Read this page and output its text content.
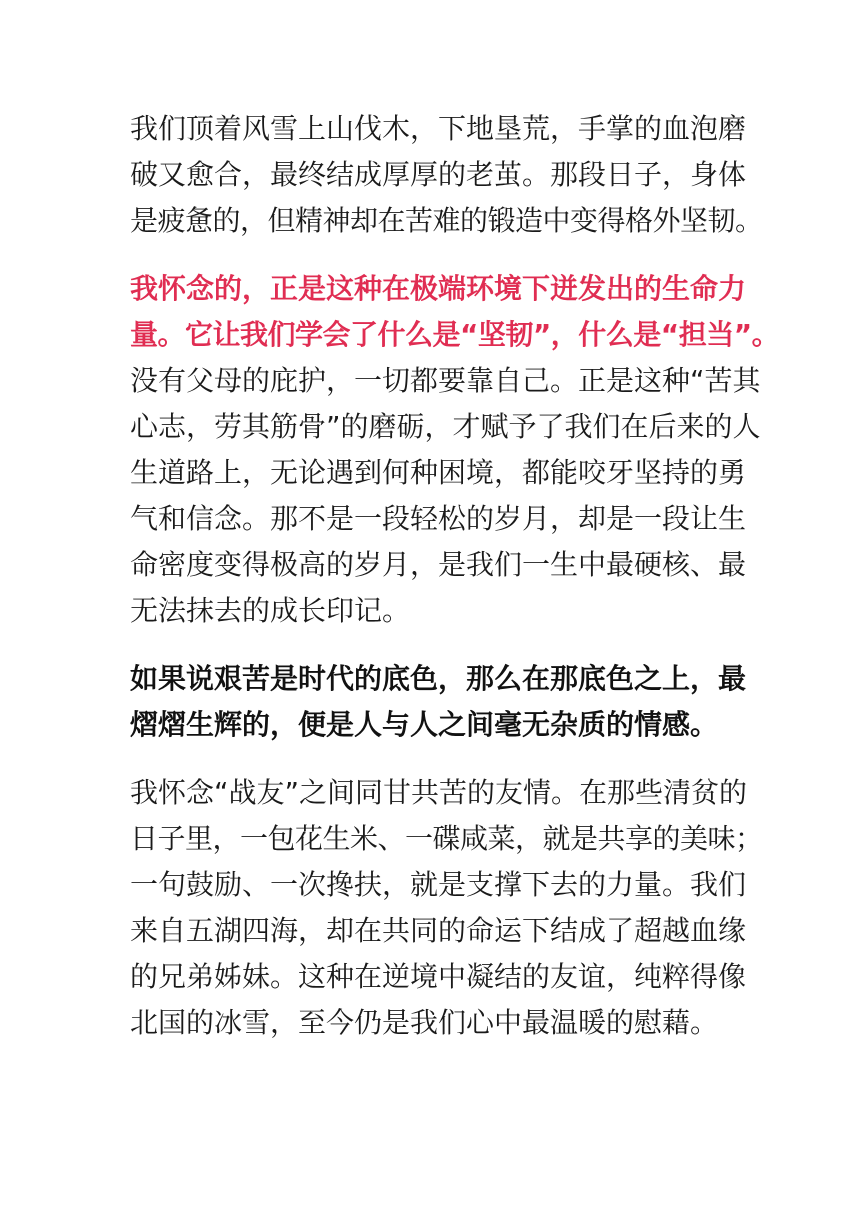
我们顶着风雪上山伐木，下地垦荒，手掌的血泡磨
破又愈合，最终结成厚厚的老茧。那段日子，身体
是疲惫的，但精神却在苦难的锻造中变得格外坚韧。

我怀念的，正是这种在极端环境下迸发出的生命力
量。它让我们学会了什么是“坚韧”，什么是“担当”。
没有父母的庇护，一切都要靠自己。正是这种“苦其
心志，劳其筋骨”的磨砺，才赋予了我们在后来的人
生道路上，无论遇到何种困境，都能咬牙坚持的勇
气和信念。那不是一段轻松的岁月，却是一段让生
命密度变得极高的岁月，是我们一生中最硬核、最
无法抹去的成长印记。

如果说艰苦是时代的底色，那么在那底色之上，最
熠熠生辉的，便是人与人之间毫无杂质的情感。

我怀念“战友”之间同甘共苦的友情。在那些清贫的
日子里，一包花生米、一碟咸菜，就是共享的美味；
一句鼓励、一次搀扶，就是支撑下去的力量。我们
来自五湖四海，却在共同的命运下结成了超越血缘
的兄弟姊妹。这种在逆境中凝结的友谊，纯粹得像
北国的冰雪，至今仍是我们心中最温暖的慰藉。
